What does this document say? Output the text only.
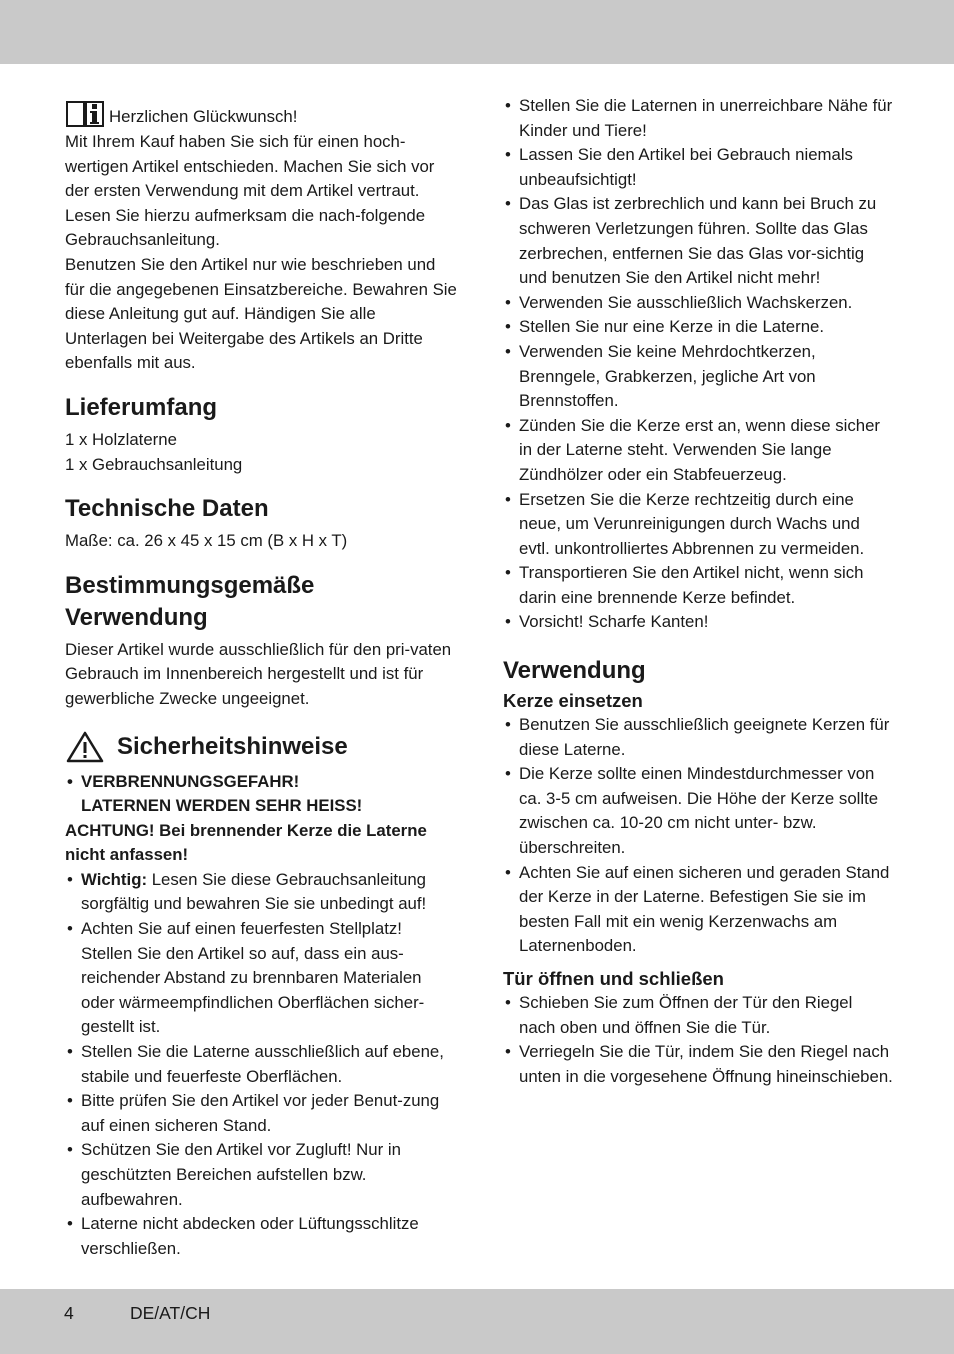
Herzlichen Glückwunsch!

Mit Ihrem Kauf haben Sie sich für einen hoch-wertigen Artikel entschieden. Machen Sie sich vor der ersten Verwendung mit dem Artikel vertraut. Lesen Sie hierzu aufmerksam die nach-folgende Gebrauchsanleitung.

Benutzen Sie den Artikel nur wie beschrieben und für die angegebenen Einsatzbereiche. Bewahren Sie diese Anleitung gut auf. Händigen Sie alle Unterlagen bei Weitergabe des Artikels an Dritte ebenfalls mit aus.

Lieferumfang
1 x Holzlaterne
1 x Gebrauchsanleitung
Technische Daten
Maße: ca. 26 x 45 x 15 cm (B x H x T)
Bestimmungsgemäße
Verwendung

Dieser Artikel wurde ausschließlich für den pri-vaten Gebrauch im Innenbereich hergestellt und ist für gewerbliche Zwecke ungeeignet.

Sicherheitshinweise
• VERBRENNUNGSGEFAHR!
LATERNEN WERDEN SEHR HEISS!

ACHTUNG! Bei brennender Kerze die Laterne nicht anfassen!

• Wichtig: Lesen Sie diese Gebrauchsanleitung sorgfältig und bewahren Sie sie unbedingt auf!
• Achten Sie auf einen feuerfesten Stellplatz! Stellen Sie den Artikel so auf, dass ein aus-reichender Abstand zu brennbaren Materialen oder wärmeempfindlichen Oberflächen sicher-gestellt ist.
• Stellen Sie die Laterne ausschließlich auf ebene, stabile und feuerfeste Oberflächen.
• Bitte prüfen Sie den Artikel vor jeder Benut-zung auf einen sicheren Stand.
• Schützen Sie den Artikel vor Zugluft! Nur in geschützten Bereichen aufstellen bzw. aufbewahren.
• Laterne nicht abdecken oder Lüftungsschlitze verschließen.
• Stellen Sie die Laternen in unerreichbare Nähe für Kinder und Tiere!
• Lassen Sie den Artikel bei Gebrauch niemals unbeaufsichtigt!
• Das Glas ist zerbrechlich und kann bei Bruch zu schweren Verletzungen führen. Sollte das Glas zerbrechen, entfernen Sie das Glas vor-sichtig und benutzen Sie den Artikel nicht mehr!
• Verwenden Sie ausschließlich Wachskerzen.
• Stellen Sie nur eine Kerze in die Laterne.
• Verwenden Sie keine Mehrdochtkerzen, Brenngele, Grabkerzen, jegliche Art von Brennstoffen.
• Zünden Sie die Kerze erst an, wenn diese sicher in der Laterne steht. Verwenden Sie lange Zündhölzer oder ein Stabfeuerzeug.
• Ersetzen Sie die Kerze rechtzeitig durch eine neue, um Verunreinigungen durch Wachs und evtl. unkontrolliertes Abbrennen zu vermeiden.
• Transportieren Sie den Artikel nicht, wenn sich darin eine brennende Kerze befindet.
• Vorsicht! Scharfe Kanten!
Verwendung
Kerze einsetzen
• Benutzen Sie ausschließlich geeignete Kerzen für diese Laterne.
• Die Kerze sollte einen Mindestdurchmesser von ca. 3-5 cm aufweisen. Die Höhe der Kerze sollte zwischen ca. 10-20 cm nicht unter- bzw. überschreiten.
• Achten Sie auf einen sicheren und geraden Stand der Kerze in der Laterne. Befestigen Sie sie im besten Fall mit ein wenig Kerzenwachs am Laternenboden.
Tür öffnen und schließen
• Schieben Sie zum Öffnen der Tür den Riegel nach oben und öffnen Sie die Tür.
• Verriegeln Sie die Tür, indem Sie den Riegel nach unten in die vorgesehene Öffnung hineinschieben.
4	DE/AT/CH
